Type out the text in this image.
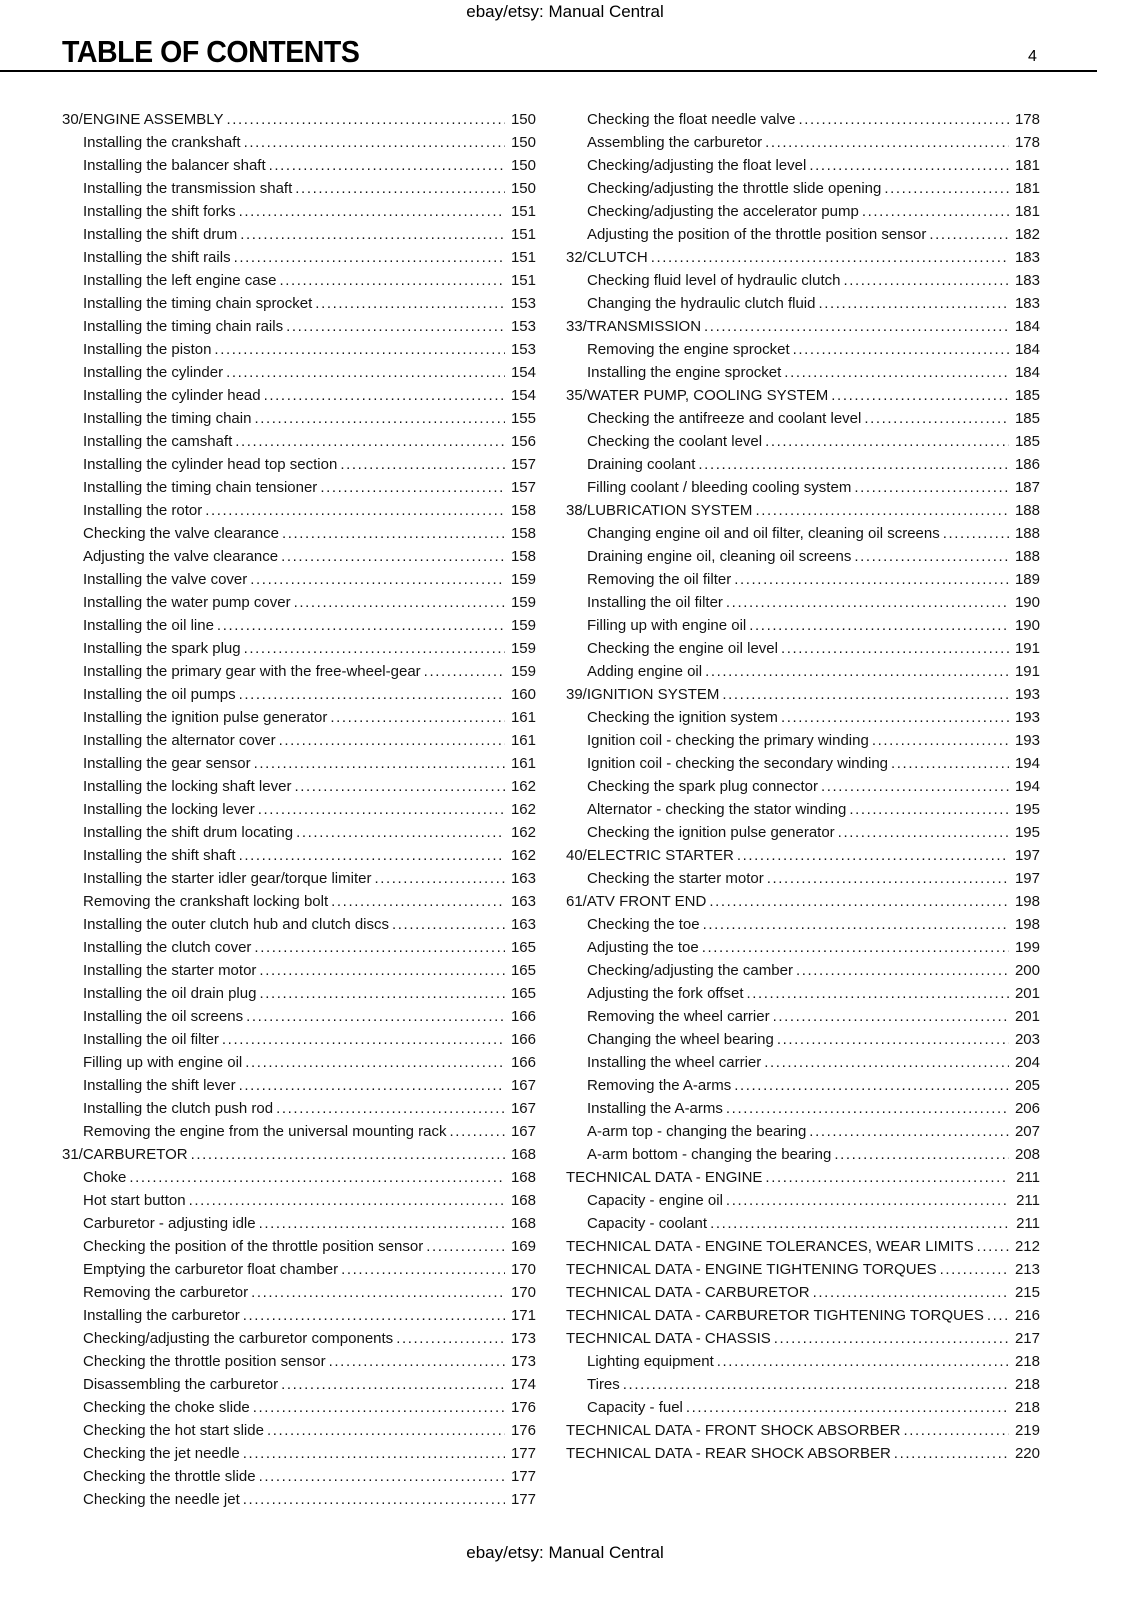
ebay/etsy: Manual Central
TABLE OF CONTENTS	4
30/ENGINE ASSEMBLY .....	150
Installing the crankshaft .....	150
Installing the balancer shaft .....	150
Installing the transmission shaft .....	150
Installing the shift forks .....	151
Installing the shift drum .....	151
Installing the shift rails .....	151
Installing the left engine case .....	151
Installing the timing chain sprocket .....	153
Installing the timing chain rails .....	153
Installing the piston .....	153
Installing the cylinder .....	154
Installing the cylinder head .....	154
Installing the timing chain .....	155
Installing the camshaft .....	156
Installing the cylinder head top section .....	157
Installing the timing chain tensioner .....	157
Installing the rotor .....	158
Checking the valve clearance .....	158
Adjusting the valve clearance .....	158
Installing the valve cover .....	159
Installing the water pump cover .....	159
Installing the oil line .....	159
Installing the spark plug .....	159
Installing the primary gear with the free-wheel-gear .....	159
Installing the oil pumps .....	160
Installing the ignition pulse generator .....	161
Installing the alternator cover .....	161
Installing the gear sensor .....	161
Installing the locking shaft lever .....	162
Installing the locking lever .....	162
Installing the shift drum locating .....	162
Installing the shift shaft .....	162
Installing the starter idler gear/torque limiter .....	163
Removing the crankshaft locking bolt .....	163
Installing the outer clutch hub and clutch discs .....	163
Installing the clutch cover .....	165
Installing the starter motor .....	165
Installing the oil drain plug .....	165
Installing the oil screens .....	166
Installing the oil filter .....	166
Filling up with engine oil .....	166
Installing the shift lever .....	167
Installing the clutch push rod .....	167
Removing the engine from the universal mounting rack .....	167
31/CARBURETOR .....	168
Choke .....	168
Hot start button .....	168
Carburetor - adjusting idle .....	168
Checking the position of the throttle position sensor .....	169
Emptying the carburetor float chamber .....	170
Removing the carburetor .....	170
Installing the carburetor .....	171
Checking/adjusting the carburetor components .....	173
Checking the throttle position sensor .....	173
Disassembling the carburetor .....	174
Checking the choke slide .....	176
Checking the hot start slide .....	176
Checking the jet needle .....	177
Checking the throttle slide .....	177
Checking the needle jet .....	177
Checking the float needle valve .....	178
Assembling the carburetor .....	178
Checking/adjusting the float level .....	181
Checking/adjusting the throttle slide opening .....	181
Checking/adjusting the accelerator pump .....	181
Adjusting the position of the throttle position sensor .....	182
32/CLUTCH .....	183
Checking fluid level of hydraulic clutch .....	183
Changing the hydraulic clutch fluid .....	183
33/TRANSMISSION .....	184
Removing the engine sprocket .....	184
Installing the engine sprocket .....	184
35/WATER PUMP, COOLING SYSTEM .....	185
Checking the antifreeze and coolant level .....	185
Checking the coolant level .....	185
Draining coolant .....	186
Filling coolant / bleeding cooling system .....	187
38/LUBRICATION SYSTEM .....	188
Changing engine oil and oil filter, cleaning oil screens .....	188
Draining engine oil, cleaning oil screens .....	188
Removing the oil filter .....	189
Installing the oil filter .....	190
Filling up with engine oil .....	190
Checking the engine oil level .....	191
Adding engine oil .....	191
39/IGNITION SYSTEM .....	193
Checking the ignition system .....	193
Ignition coil - checking the primary winding .....	193
Ignition coil - checking the secondary winding .....	194
Checking the spark plug connector .....	194
Alternator - checking the stator winding .....	195
Checking the ignition pulse generator .....	195
40/ELECTRIC STARTER .....	197
Checking the starter motor .....	197
61/ATV FRONT END .....	198
Checking the toe .....	198
Adjusting the toe .....	199
Checking/adjusting the camber .....	200
Adjusting the fork offset .....	201
Removing the wheel carrier .....	201
Changing the wheel bearing .....	203
Installing the wheel carrier .....	204
Removing the A-arms .....	205
Installing the A-arms .....	206
A-arm top - changing the bearing .....	207
A-arm bottom - changing the bearing .....	208
TECHNICAL DATA - ENGINE .....	211
Capacity - engine oil .....	211
Capacity - coolant .....	211
TECHNICAL DATA - ENGINE TOLERANCES, WEAR LIMITS .....	212
TECHNICAL DATA - ENGINE TIGHTENING TORQUES .....	213
TECHNICAL DATA - CARBURETOR .....	215
TECHNICAL DATA - CARBURETOR TIGHTENING TORQUES ..... 216
TECHNICAL DATA - CHASSIS .....	217
Lighting equipment .....	218
Tires .....	218
Capacity - fuel .....	218
TECHNICAL DATA - FRONT SHOCK ABSORBER .....	219
TECHNICAL DATA - REAR SHOCK ABSORBER .....	220
ebay/etsy: Manual Central
